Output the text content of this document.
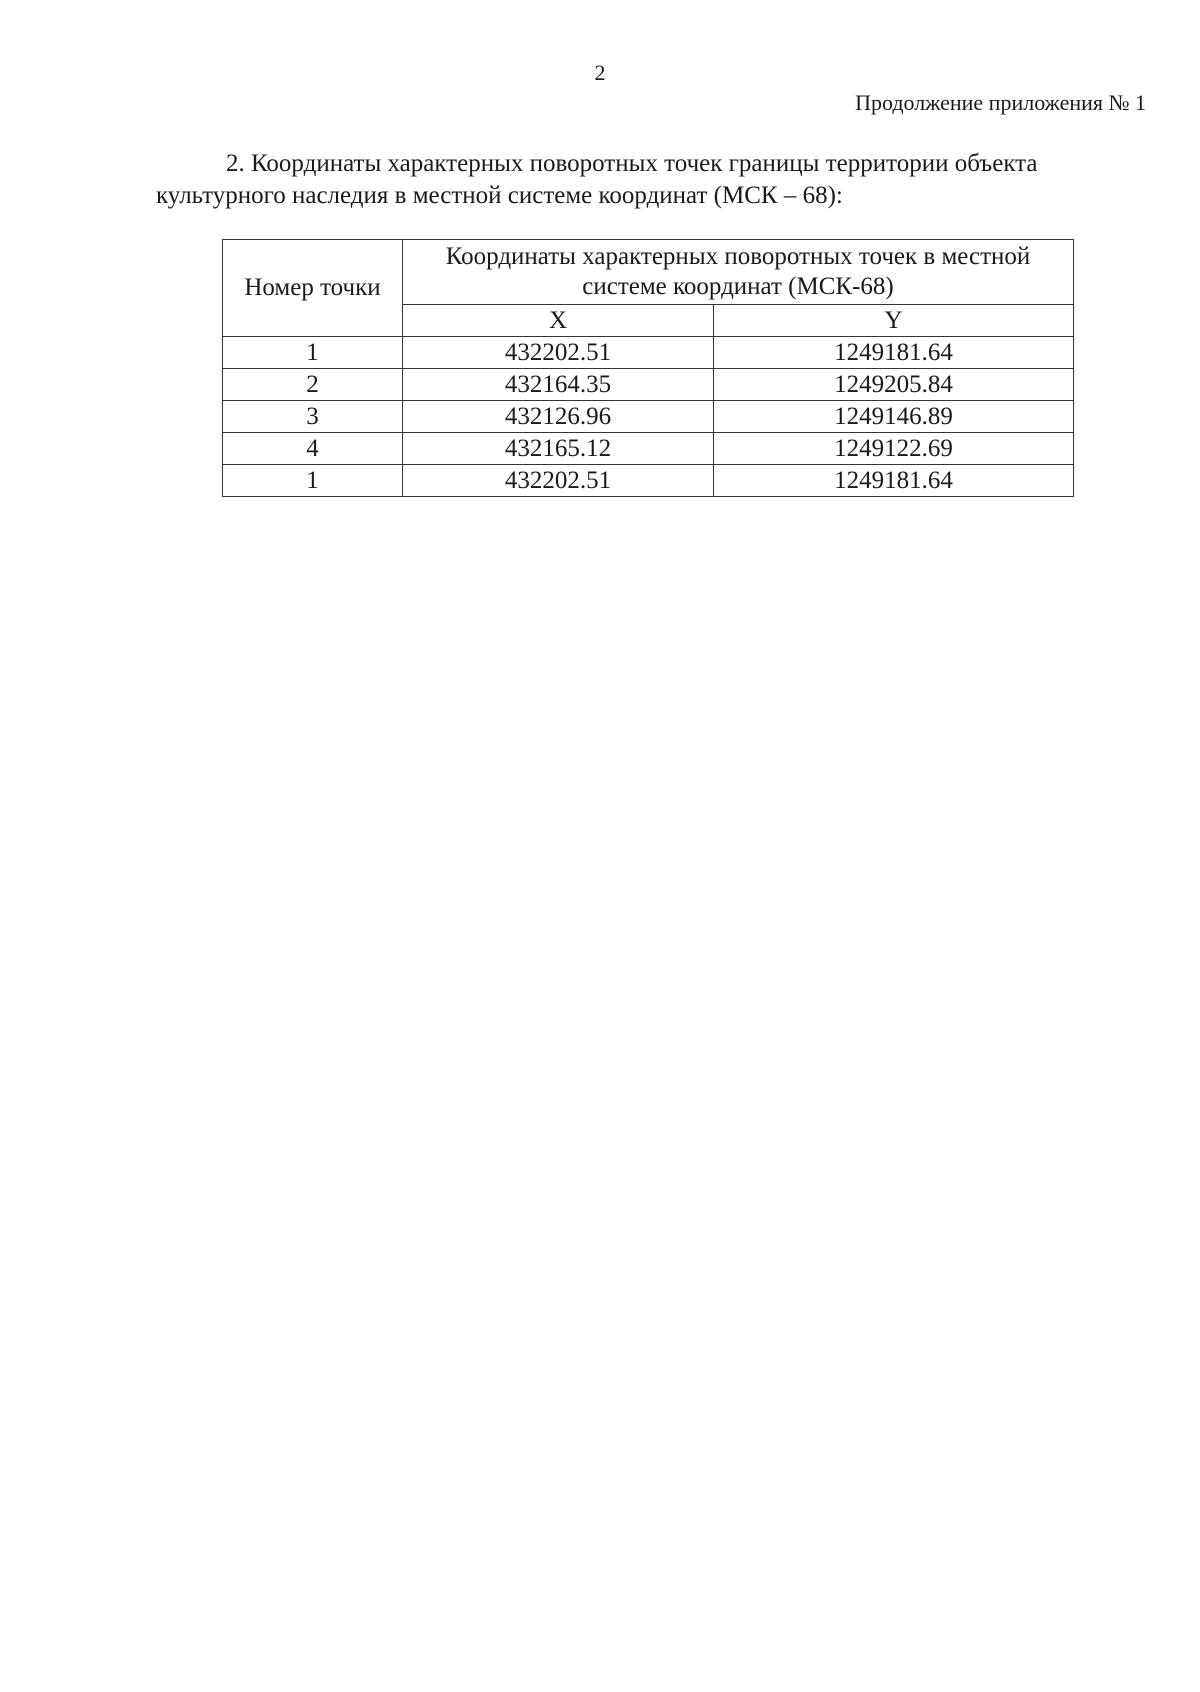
2
Продолжение приложения № 1

2. Координаты характерных поворотных точек границы территории объекта культурного наследия в местной системе координат (МСК – 68):

Номер точки	Координаты характерных поворотных точек в местной системе координат (МСК-68)	
	X	Y
1	432202.51	1249181.64
2	432164.35	1249205.84
3	432126.96	1249146.89
4	432165.12	1249122.69
1	432202.51	1249181.64
